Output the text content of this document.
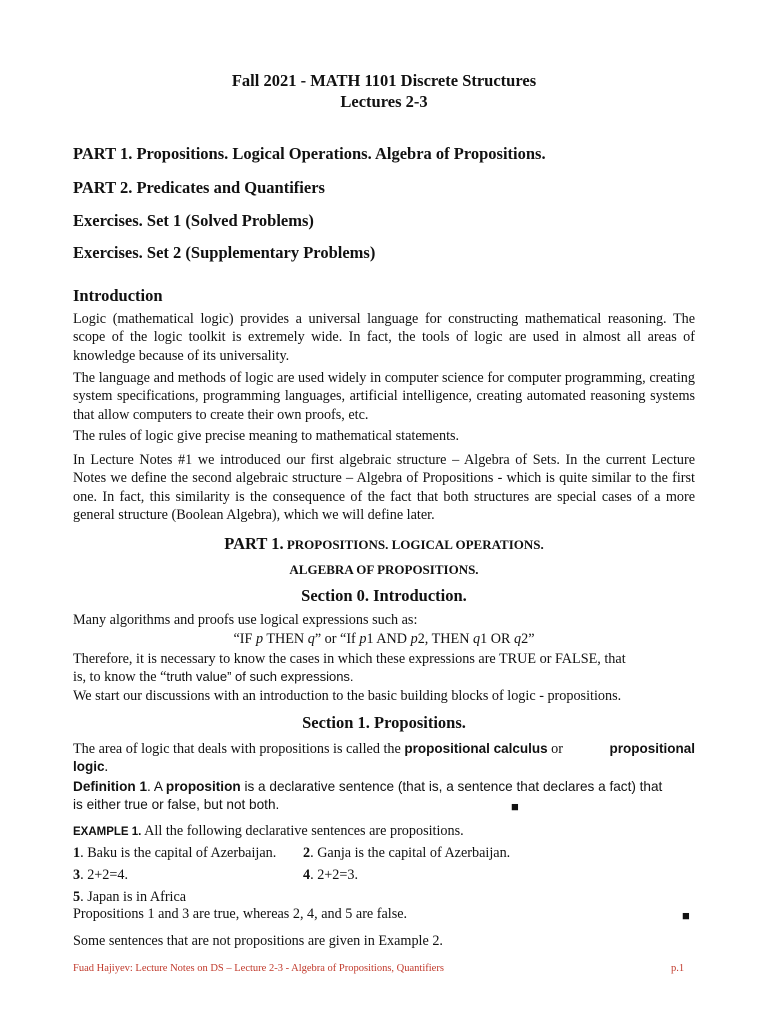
Fall 2021 - MATH 1101 Discrete Structures
Lectures 2-3
PART 1. Propositions. Logical Operations. Algebra of Propositions.
PART 2. Predicates and Quantifiers
Exercises. Set 1 (Solved Problems)
Exercises. Set 2 (Supplementary Problems)
Introduction
Logic (mathematical logic) provides a universal language for constructing mathematical reasoning. The scope of the logic toolkit is extremely wide. In fact, the tools of logic are used in almost all areas of knowledge because of its universality.
The language and methods of logic are used widely in computer science for computer programming, creating system specifications, programming languages, artificial intelligence, creating automated reasoning systems that allow computers to create their own proofs, etc.
The rules of logic give precise meaning to mathematical statements.
In Lecture Notes #1 we introduced our first algebraic structure – Algebra of Sets. In the current Lecture Notes we define the second algebraic structure – Algebra of Propositions - which is quite similar to the first one. In fact, this similarity is the consequence of the fact that both structures are special cases of a more general structure (Boolean Algebra), which we will define later.
PART 1. PROPOSITIONS. LOGICAL OPERATIONS.
ALGEBRA OF PROPOSITIONS.
Section 0. Introduction.
Many algorithms and proofs use logical expressions such as:
“IF p THEN q” or “If p1 AND p2, THEN q1 OR q2”
Therefore, it is necessary to know the cases in which these expressions are TRUE or FALSE, that
is, to know the “truth value” of such expressions.
We start our discussions with an introduction to the basic building blocks of logic - propositions.
Section 1. Propositions.
The area of logic that deals with propositions is called the propositional calculus or	propositional

logic.
Definition 1. A proposition is a declarative sentence (that is, a sentence that declares a fact) that
is either true or false, but not both.	■
EXAMPLE 1. All the following declarative sentences are propositions.
1. Baku is the capital of Azerbaijan. 2. Ganja is the capital of Azerbaijan.
3. 2+2=4.	4. 2+2=3.
5. Japan is in Africa
Propositions 1 and 3 are true, whereas 2, 4, and 5 are false.	■
Some sentences that are not propositions are given in Example 2.
Fuad Hajiyev: Lecture Notes on DS – Lecture 2-3 - Algebra of Propositions, Quantifiers	p.1
